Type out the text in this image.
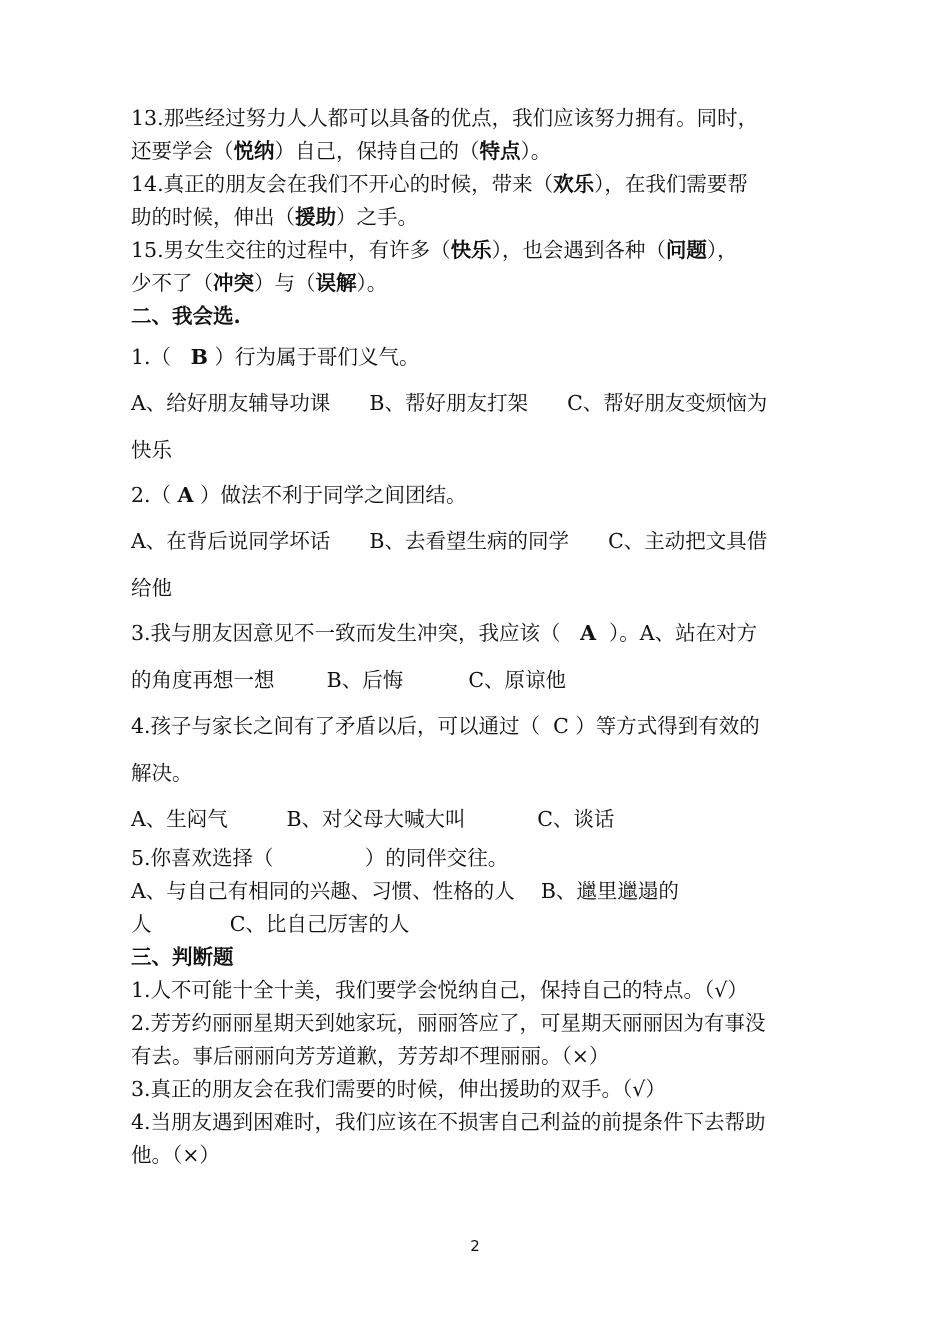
13.那些经过努力人人都可以具备的优点，我们应该努力拥有。同时，
还要学会（悦纳）自己，保持自己的（特点）。
14.真正的朋友会在我们不开心的时候，带来（欢乐），在我们需要帮
助的时候，伸出（援助）之手。
15.男女生交往的过程中，有许多（快乐），也会遇到各种（问题），
少不了（冲突）与（误解）。
二、我会选.
1.（   B ）行为属于哥们义气。
A、给好朋友辅导功课      B、帮好朋友打架      C、帮好朋友变烦恼为
快乐
2.（ A ）做法不利于同学之间团结。
A、在背后说同学坏话      B、去看望生病的同学      C、主动把文具借
给他
3.我与朋友因意见不一致而发生冲突，我应该（   A  ）。A、站在对方
的角度再想一想        B、后悔          C、原谅他
4.孩子与家长之间有了矛盾以后，可以通过（  C ）等方式得到有效的
解决。
A、生闷气         B、对父母大喊大叫           C、谈话
5.你喜欢选择（              ）的同伴交往。
A、与自己有相同的兴趣、习惯、性格的人    B、邋里邋遢的
人            C、比自己厉害的人
三、判断题
1.人不可能十全十美，我们要学会悦纳自己，保持自己的特点。（√）
2.芳芳约丽丽星期天到她家玩，丽丽答应了，可星期天丽丽因为有事没
有去。事后丽丽向芳芳道歉，芳芳却不理丽丽。（×）
3.真正的朋友会在我们需要的时候，伸出援助的双手。（√）
4.当朋友遇到困难时，我们应该在不损害自己利益的前提条件下去帮助
他。（×）
2
